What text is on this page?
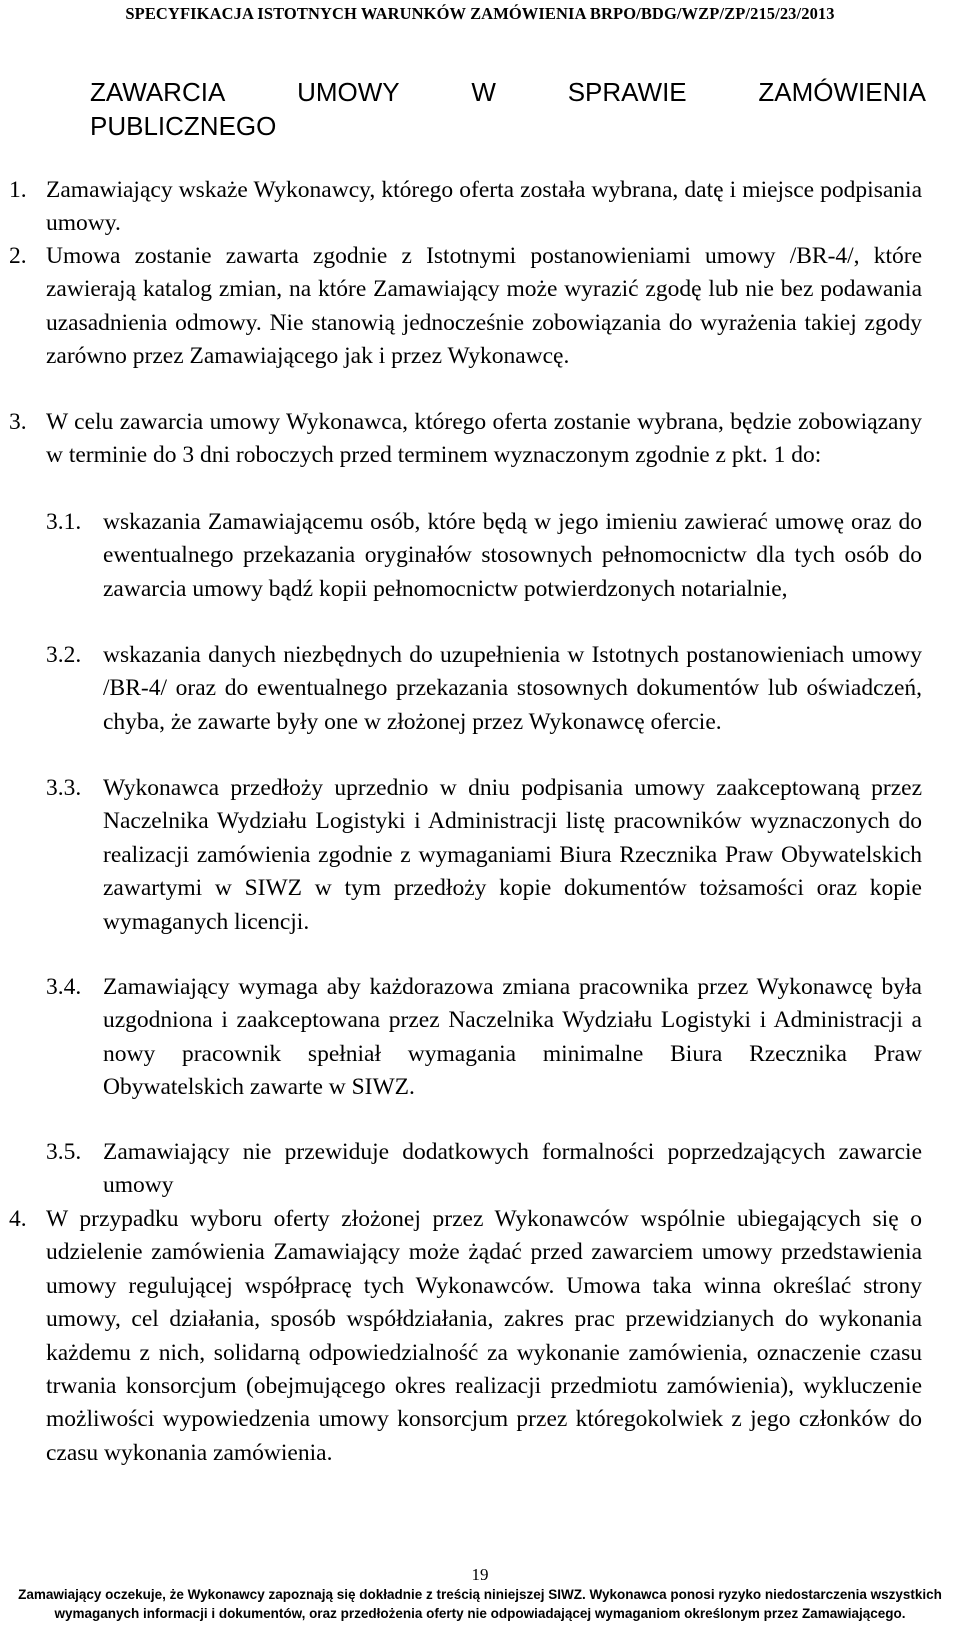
SPECYFIKACJA ISTOTNYCH WARUNKÓW ZAMÓWIENIA BRPO/BDG/WZP/ZP/215/23/2013
ZAWARCIA	UMOWY	W	SPRAWIE	ZAMÓWIENIA
PUBLICZNEGO
1. Zamawiający wskaże Wykonawcy, którego oferta została wybrana, datę i miejsce podpisania umowy.
2. Umowa zostanie zawarta zgodnie z Istotnymi postanowieniami umowy /BR-4/, które zawierają katalog zmian, na które Zamawiający może wyrazić zgodę lub nie bez podawania uzasadnienia odmowy. Nie stanowią jednocześnie zobowiązania do wyrażenia takiej zgody zarówno przez Zamawiającego jak i przez Wykonawcę.
3. W celu zawarcia umowy Wykonawca, którego oferta zostanie wybrana, będzie zobowiązany w terminie do 3 dni roboczych przed terminem wyznaczonym zgodnie z pkt. 1 do:
3.1. wskazania Zamawiającemu osób, które będą w jego imieniu zawierać umowę oraz do ewentualnego przekazania oryginałów stosownych pełnomocnictw dla tych osób do zawarcia umowy bądź kopii pełnomocnictw potwierdzonych notarialnie,
3.2. wskazania danych niezbędnych do uzupełnienia w Istotnych postanowieniach umowy /BR-4/ oraz do ewentualnego przekazania stosownych dokumentów lub oświadczeń, chyba, że zawarte były one w złożonej przez Wykonawcę ofercie.
3.3. Wykonawca przedłoży uprzednio w dniu podpisania umowy zaakceptowaną przez Naczelnika Wydziału Logistyki i Administracji listę pracowników wyznaczonych do realizacji zamówienia zgodnie z wymaganiami Biura Rzecznika Praw Obywatelskich zawartymi w SIWZ w tym przedłoży kopie dokumentów tożsamości oraz kopie wymaganych licencji.
3.4. Zamawiający wymaga aby każdorazowa zmiana pracownika przez Wykonawcę była uzgodniona i zaakceptowana przez Naczelnika Wydziału Logistyki i Administracji a nowy pracownik spełniał wymagania minimalne Biura Rzecznika Praw Obywatelskich zawarte w SIWZ.
3.5. Zamawiający nie przewiduje dodatkowych formalności poprzedzających zawarcie umowy
4. W przypadku wyboru oferty złożonej przez Wykonawców wspólnie ubiegających się o udzielenie zamówienia Zamawiający może żądać przed zawarciem umowy przedstawienia umowy regulującej współpracę tych Wykonawców. Umowa taka winna określać strony umowy, cel działania, sposób współdziałania, zakres prac przewidzianych do wykonania każdemu z nich, solidarną odpowiedzialność za wykonanie zamówienia, oznaczenie czasu trwania konsorcjum (obejmującego okres realizacji przedmiotu zamówienia), wykluczenie możliwości wypowiedzenia umowy konsorcjum przez któregokolwiek z jego członków do czasu wykonania zamówienia.
19
Zamawiający oczekuje, że Wykonawcy zapoznają się dokładnie z treścią niniejszej SIWZ. Wykonawca ponosi ryzyko niedostarczenia wszystkich wymaganych informacji i dokumentów, oraz przedłożenia oferty nie odpowiadającej wymaganiom określonym przez Zamawiającego.
